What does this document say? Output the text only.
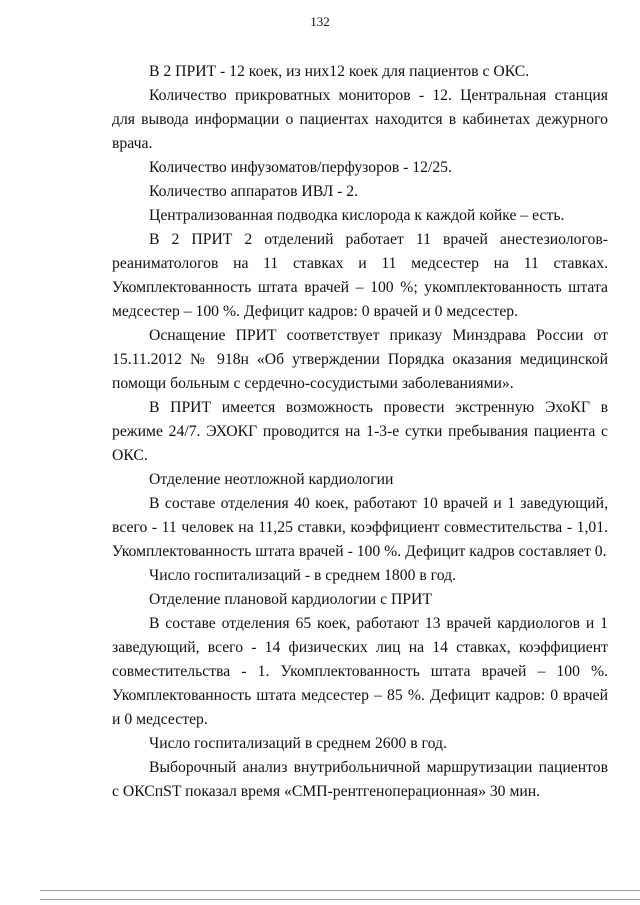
132

В 2 ПРИТ - 12 коек, из них12 коек для пациентов с ОКС.

Количество прикроватных мониторов - 12. Центральная станция для вывода информации о пациентах находится в кабинетах дежурного врача.

Количество инфузоматов/перфузоров - 12/25.

Количество аппаратов ИВЛ - 2.

Централизованная подводка кислорода к каждой койке – есть.

В 2 ПРИТ 2 отделений работает 11 врачей анестезиологов-реаниматологов на 11 ставках и 11 медсестер на 11 ставках. Укомплектованность штата врачей – 100 %; укомплектованность штата медсестер – 100 %. Дефицит кадров: 0 врачей и 0 медсестер.

Оснащение ПРИТ соответствует приказу Минздрава России от 15.11.2012 № 918н «Об утверждении Порядка оказания медицинской помощи больным с сердечно-сосудистыми заболеваниями».

В ПРИТ имеется возможность провести экстренную ЭхоКГ в режиме 24/7. ЭХОКГ проводится на 1-3-е сутки пребывания пациента с ОКС.

Отделение неотложной кардиологии

В составе отделения 40 коек, работают 10 врачей и 1 заведующий, всего - 11 человек на 11,25 ставки, коэффициент совместительства - 1,01. Укомплектованность штата врачей - 100 %. Дефицит кадров составляет 0.

Число госпитализаций - в среднем 1800 в год.

Отделение плановой кардиологии с ПРИТ

В составе отделения 65 коек, работают 13 врачей кардиологов и 1 заведующий, всего - 14 физических лиц на 14 ставках, коэффициент совместительства - 1. Укомплектованность штата врачей – 100 %. Укомплектованность штата медсестер – 85 %. Дефицит кадров: 0 врачей и 0 медсестер.

Число госпитализаций в среднем 2600 в год.

Выборочный анализ внутрибольничной маршрутизации пациентов с ОКСпST показал время «СМП-рентгеноперационная» 30 мин.
